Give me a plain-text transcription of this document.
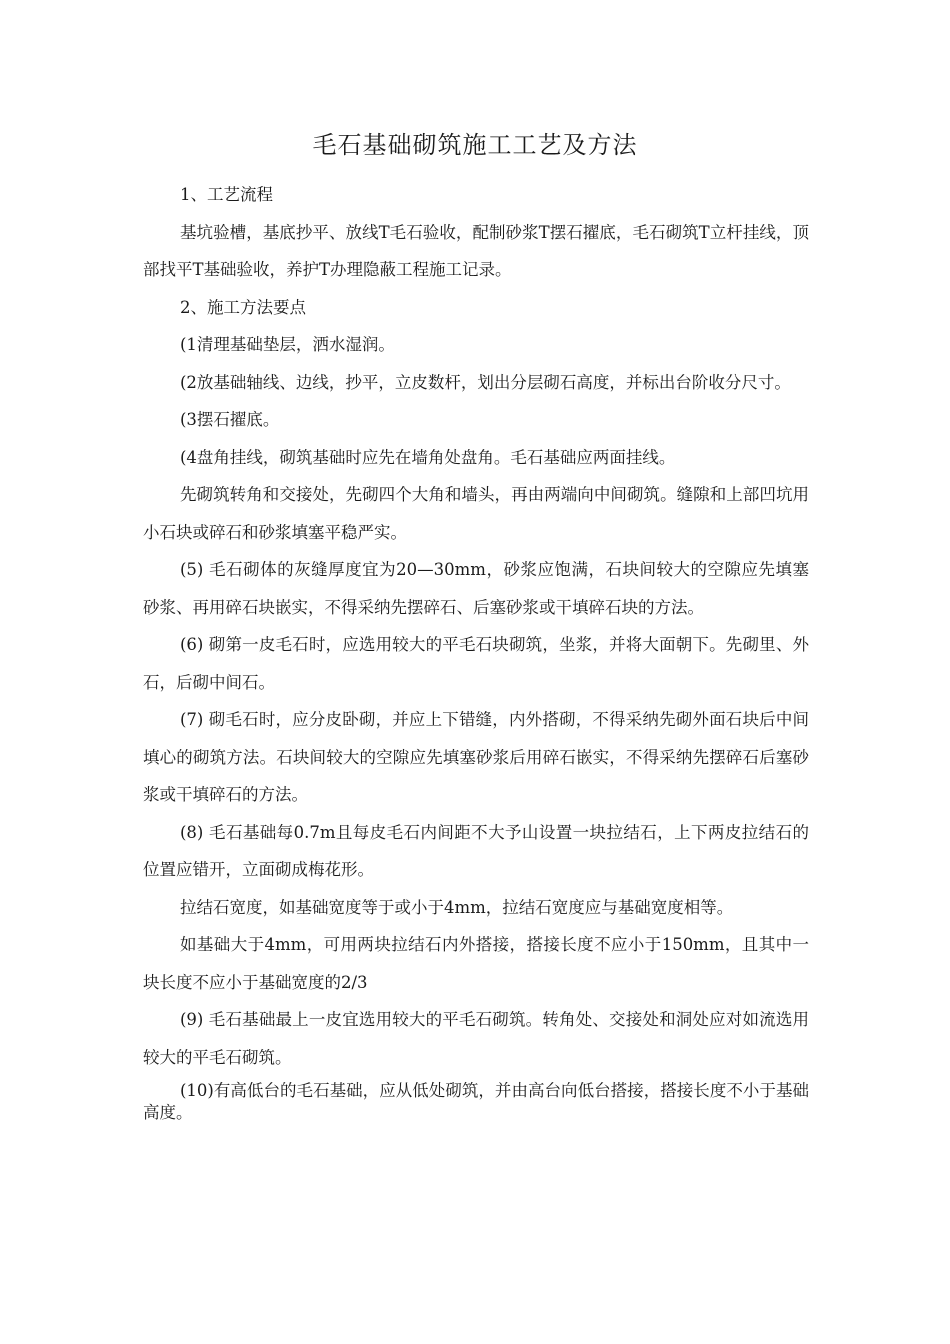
毛石基础砌筑施工工艺及方法

1、工艺流程

基坑验槽，基底抄平、放线T毛石验收，配制砂浆T摆石擢底，毛石砌筑T立杆挂线，顶部找平T基础验收，养护T办理隐蔽工程施工记录。

2、施工方法要点

(1清理基础垫层，洒水湿润。

(2放基础轴线、边线，抄平，立皮数杆，划出分层砌石高度，并标出台阶收分尺寸。

(3摆石擢底。

(4盘角挂线，砌筑基础时应先在墙角处盘角。毛石基础应两面挂线。

先砌筑转角和交接处，先砌四个大角和墙头，再由两端向中间砌筑。缝隙和上部凹坑用小石块或碎石和砂浆填塞平稳严实。

(5) 毛石砌体的灰缝厚度宜为20—30mm，砂浆应饱满，石块间较大的空隙应先填塞砂浆、再用碎石块嵌实，不得采纳先摆碎石、后塞砂浆或干填碎石块的方法。

(6) 砌第一皮毛石时，应选用较大的平毛石块砌筑，坐浆，并将大面朝下。先砌里、外石，后砌中间石。

(7) 砌毛石时，应分皮卧砌，并应上下错缝，内外搭砌，不得采纳先砌外面石块后中间填心的砌筑方法。石块间较大的空隙应先填塞砂浆后用碎石嵌实，不得采纳先摆碎石后塞砂浆或干填碎石的方法。

(8) 毛石基础每0.7m且每皮毛石内间距不大予山设置一块拉结石，上下两皮拉结石的位置应错开，立面砌成梅花形。

拉结石宽度，如基础宽度等于或小于4mm，拉结石宽度应与基础宽度相等。

如基础大于4mm，可用两块拉结石内外搭接，搭接长度不应小于150mm，且其中一块长度不应小于基础宽度的2/3

(9) 毛石基础最上一皮宜选用较大的平毛石砌筑。转角处、交接处和洞处应对如流选用较大的平毛石砌筑。

(10)有高低台的毛石基础，应从低处砌筑，并由高台向低台搭接，搭接长度不小于基础高度。
